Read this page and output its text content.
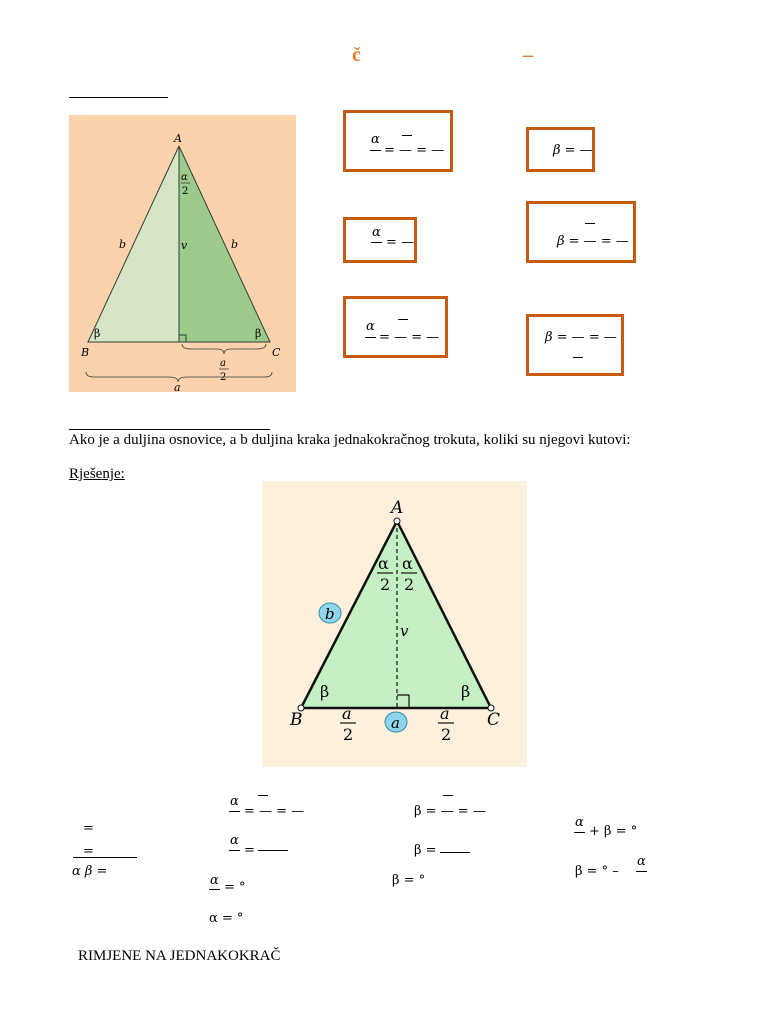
č	–
A
B	C
b	b
v
α
2
β	β
a
2
a
α
= — = —	β = —
α
= —	β = — = —
α
= — = —	β = — = —
Ako je a duljina osnovice, a b duljina kraka jednakokračnog trokuta, koliki su njegovi kutovi:
Rješenje:
A
B	C
b
a
v
α
2
α
2
β	β
a
2
a
2
=
=
α β =
α
= — = —
α
=
α = °
α = °
β = — = —
β =
β = °
α
+ β = °
β = ° –
α
RIMJENE NA JEDNAKOKRAČ
